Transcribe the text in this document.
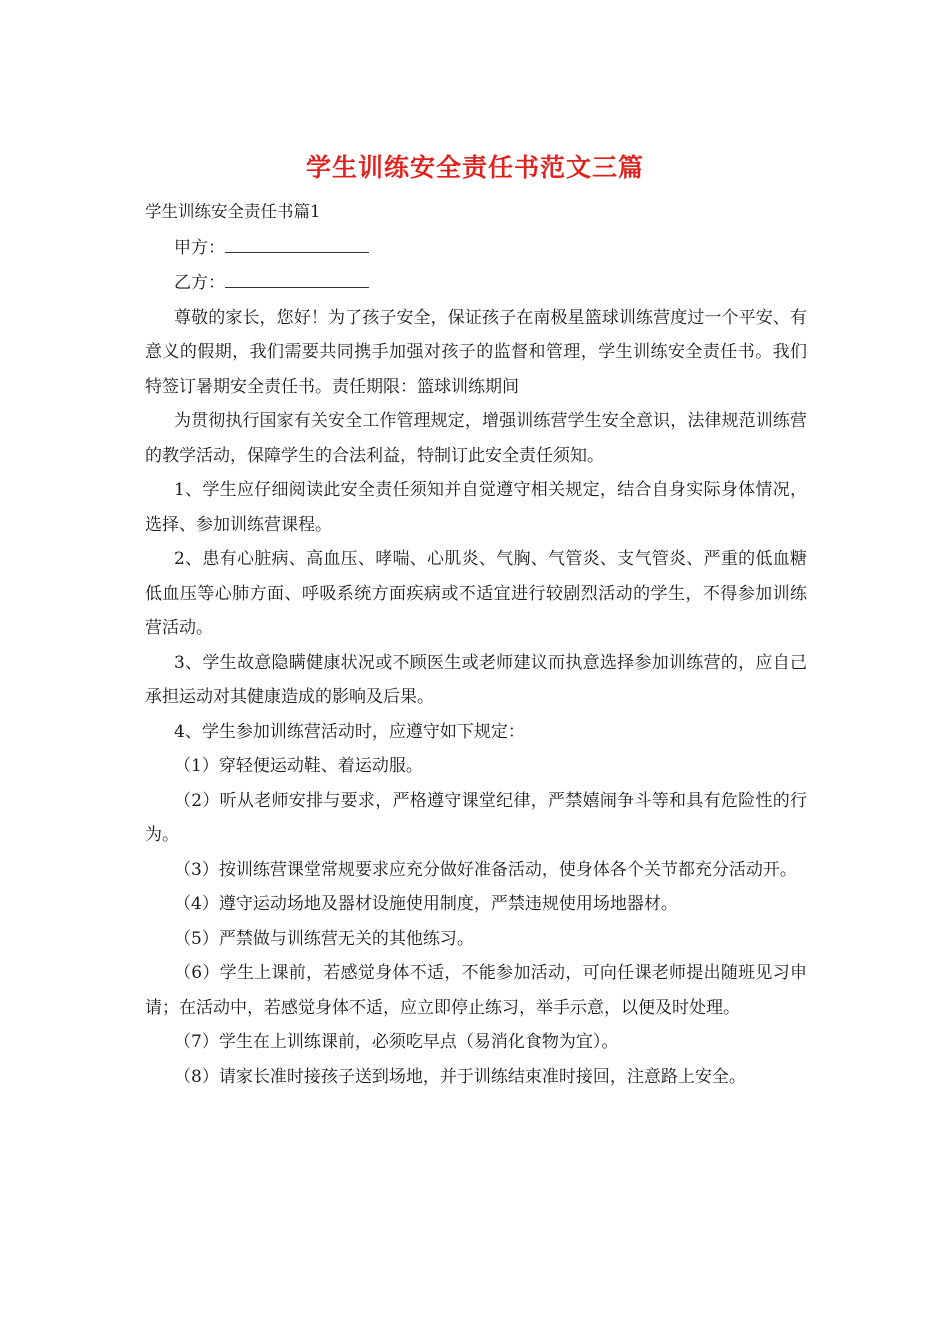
学生训练安全责任书范文三篇

学生训练安全责任书篇1

甲方：

乙方：

尊敬的家长，您好！为了孩子安全，保证孩子在南极星篮球训练营度过一个平安、有意义的假期，我们需要共同携手加强对孩子的监督和管理，学生训练安全责任书。我们特签订暑期安全责任书。责任期限：篮球训练期间

为贯彻执行国家有关安全工作管理规定，增强训练营学生安全意识，法律规范训练营的教学活动，保障学生的合法利益，特制订此安全责任须知。

1、学生应仔细阅读此安全责任须知并自觉遵守相关规定，结合自身实际身体情况，选择、参加训练营课程。

2、患有心脏病、高血压、哮喘、心肌炎、气胸、气管炎、支气管炎、严重的低血糖低血压等心肺方面、呼吸系统方面疾病或不适宜进行较剧烈活动的学生，不得参加训练营活动。

3、学生故意隐瞒健康状况或不顾医生或老师建议而执意选择参加训练营的，应自己承担运动对其健康造成的影响及后果。

4、学生参加训练营活动时，应遵守如下规定：

（1）穿轻便运动鞋、着运动服。

（2）听从老师安排与要求，严格遵守课堂纪律，严禁嬉闹争斗等和具有危险性的行为。

（3）按训练营课堂常规要求应充分做好准备活动，使身体各个关节都充分活动开。

（4）遵守运动场地及器材设施使用制度，严禁违规使用场地器材。

（5）严禁做与训练营无关的其他练习。

（6）学生上课前，若感觉身体不适，不能参加活动，可向任课老师提出随班见习申请；在活动中，若感觉身体不适，应立即停止练习，举手示意，以便及时处理。

（7）学生在上训练课前，必须吃早点（易消化食物为宜）。

（8）请家长准时接孩子送到场地，并于训练结束准时接回，注意路上安全。
